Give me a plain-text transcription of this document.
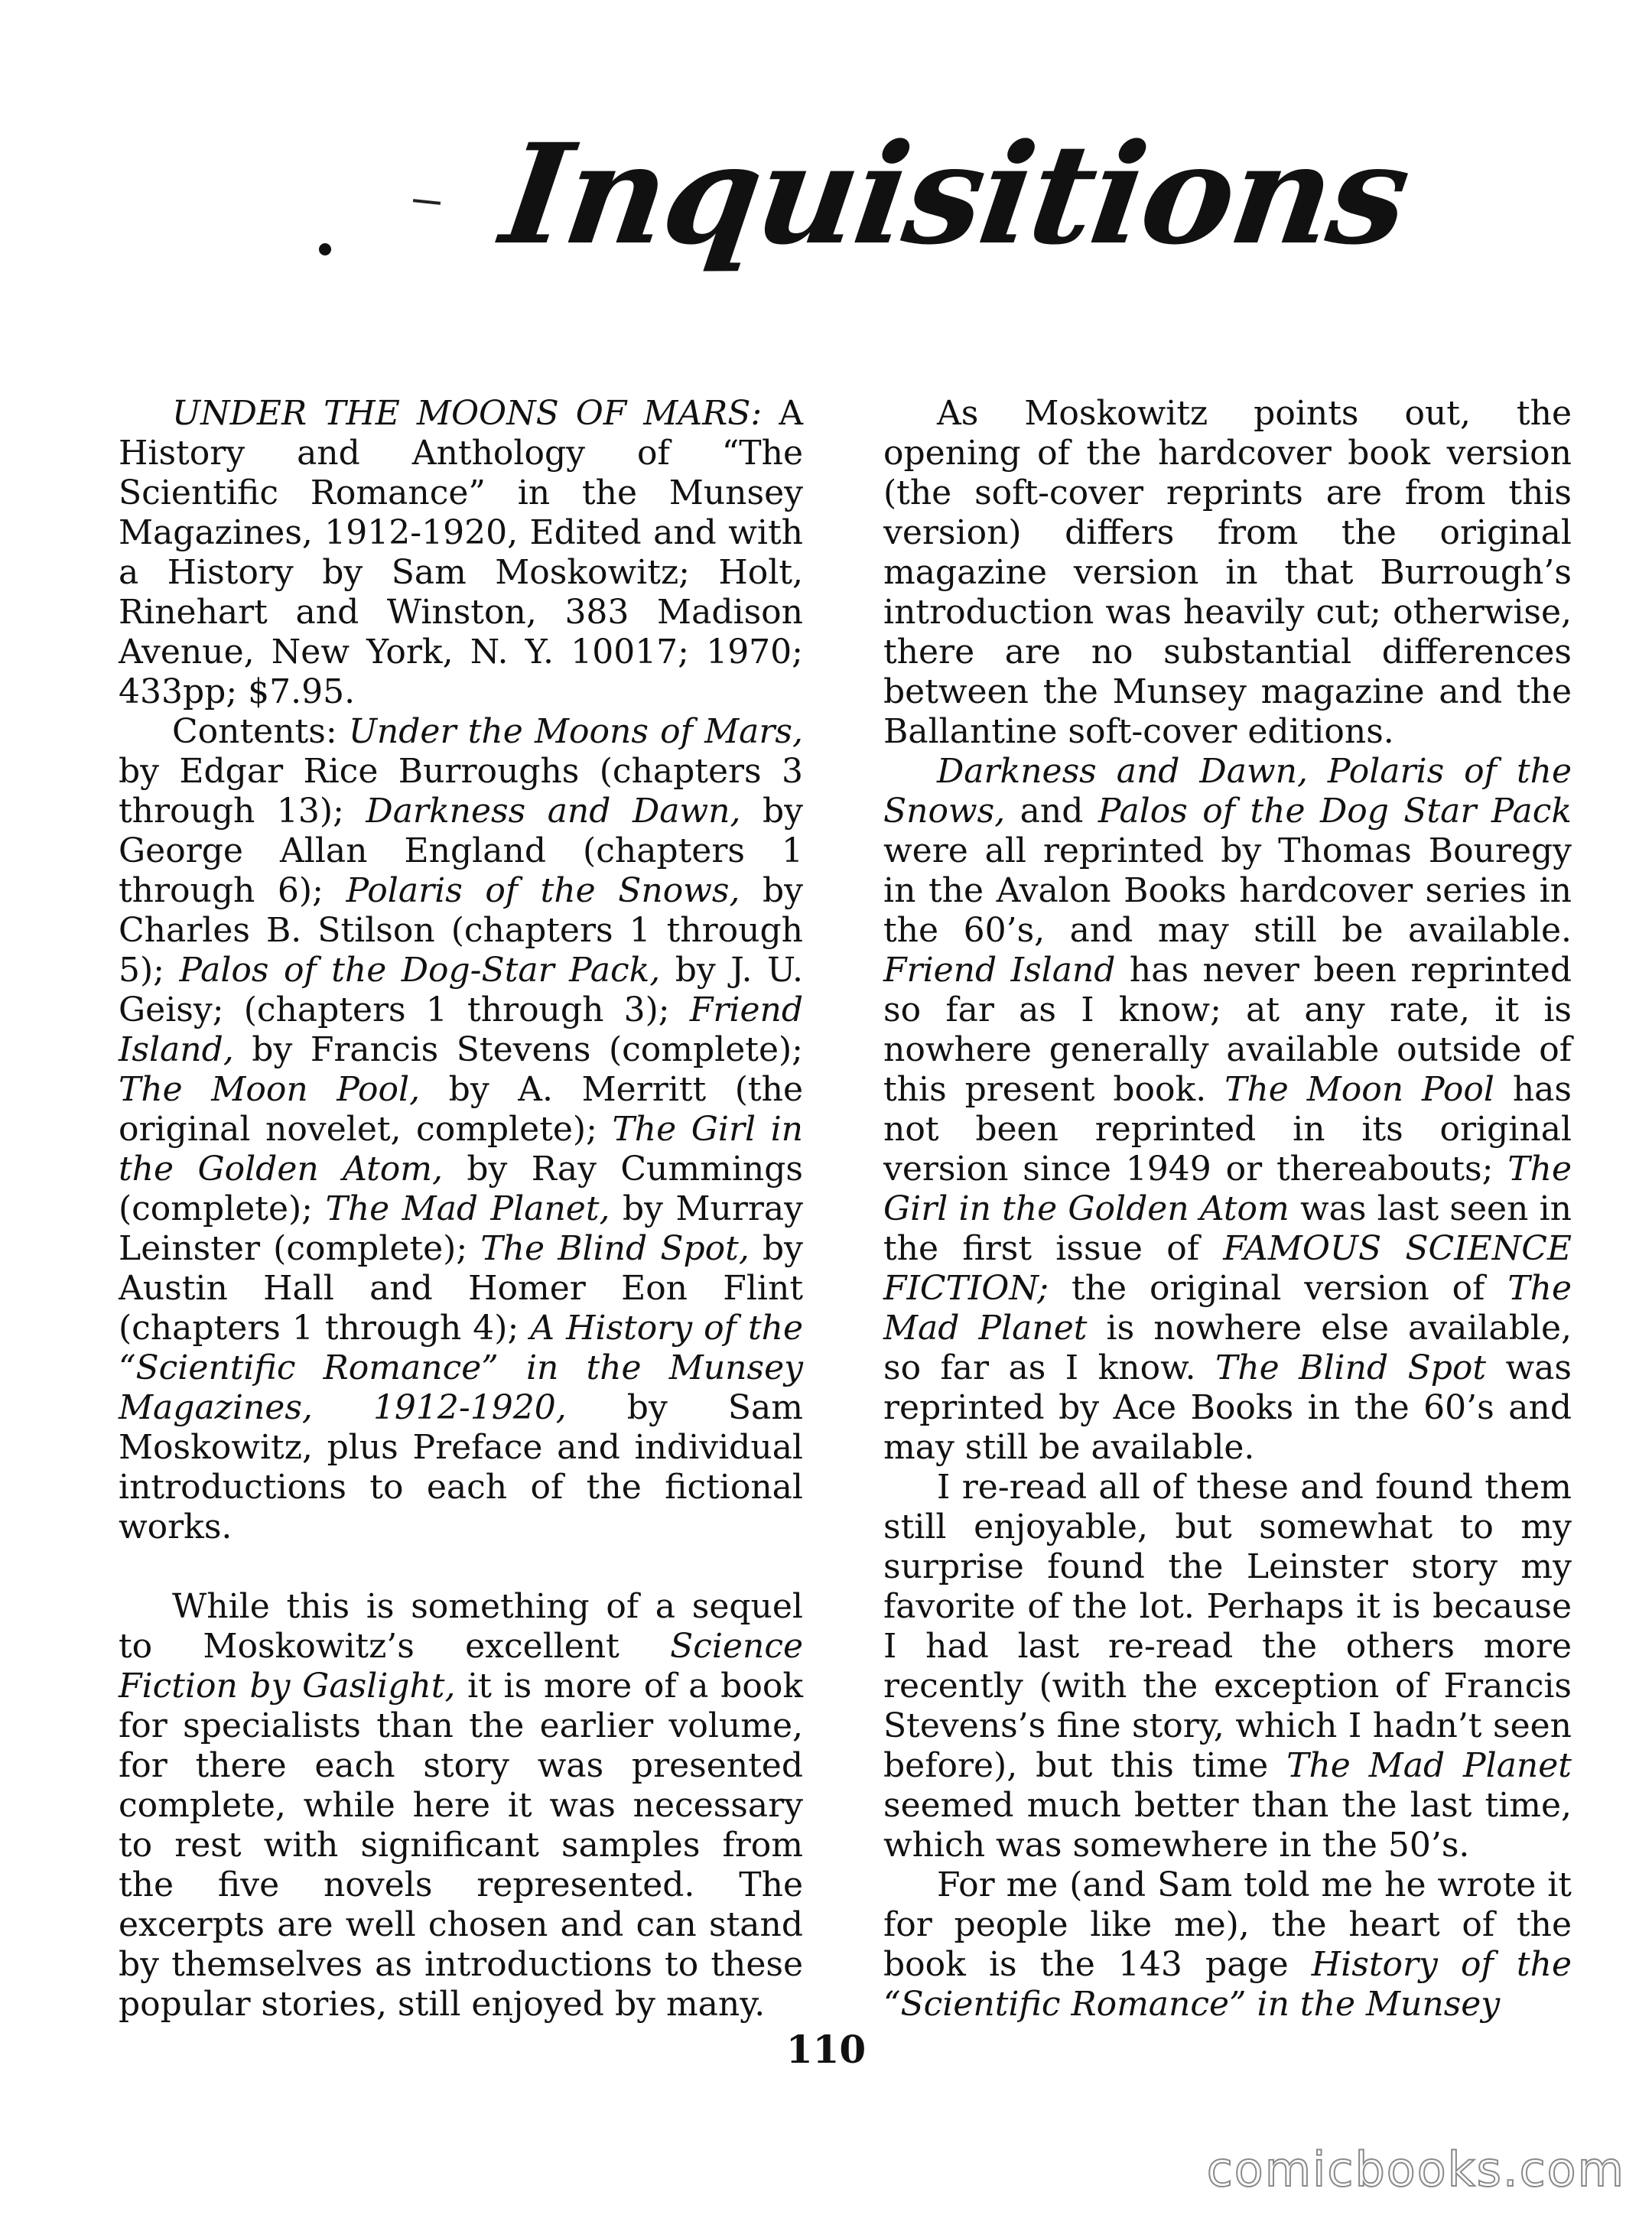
Inquisitions

UNDER THE MOONS OF MARS: A History and Anthology of “The Scientific Romance” in the Munsey Magazines, 1912-1920, Edited and with a History by Sam Moskowitz; Holt, Rinehart and Winston, 383 Madison Avenue, New York, N. Y. 10017; 1970; 433pp; $7.95.

Contents: Under the Moons of Mars, by Edgar Rice Burroughs (chapters 3 through 13); Darkness and Dawn, by George Allan England (chapters 1 through 6); Polaris of the Snows, by Charles B. Stilson (chapters 1 through 5); Palos of the Dog-Star Pack, by J. U. Geisy; (chapters 1 through 3); Friend Island, by Francis Stevens (complete); The Moon Pool, by A. Merritt (the original novelet, complete); The Girl in the Golden Atom, by Ray Cummings (complete); The Mad Planet, by Murray Leinster (complete); The Blind Spot, by Austin Hall and Homer Eon Flint (chapters 1 through 4); A History of the “Scientific Romance” in the Munsey Magazines, 1912-1920, by Sam Moskowitz, plus Preface and individual introductions to each of the fictional works.

While this is something of a sequel to Moskowitz’s excellent Science Fiction by Gaslight, it is more of a book for specialists than the earlier volume, for there each story was presented complete, while here it was necessary to rest with significant samples from the five novels represented. The excerpts are well chosen and can stand by themselves as introductions to these popular stories, still enjoyed by many.

As Moskowitz points out, the opening of the hardcover book version (the soft-cover reprints are from this version) differs from the original magazine version in that Burrough’s introduction was heavily cut; otherwise, there are no substantial differences between the Munsey magazine and the Ballantine soft-cover editions.

Darkness and Dawn, Polaris of the Snows, and Palos of the Dog Star Pack were all reprinted by Thomas Bouregy in the Avalon Books hardcover series in the 60’s, and may still be available. Friend Island has never been reprinted so far as I know; at any rate, it is nowhere generally available outside of this present book. The Moon Pool has not been reprinted in its original version since 1949 or thereabouts; The Girl in the Golden Atom was last seen in the first issue of FAMOUS SCIENCE FICTION; the original version of The Mad Planet is nowhere else available, so far as I know. The Blind Spot was reprinted by Ace Books in the 60’s and may still be available.

I re-read all of these and found them still enjoyable, but somewhat to my surprise found the Leinster story my favorite of the lot. Perhaps it is because I had last re-read the others more recently (with the exception of Francis Stevens’s fine story, which I hadn’t seen before), but this time The Mad Planet seemed much better than the last time, which was somewhere in the 50’s.

For me (and Sam told me he wrote it for people like me), the heart of the book is the 143 page History of the “Scientific Romance” in the Munsey

110
comicbooks.com
